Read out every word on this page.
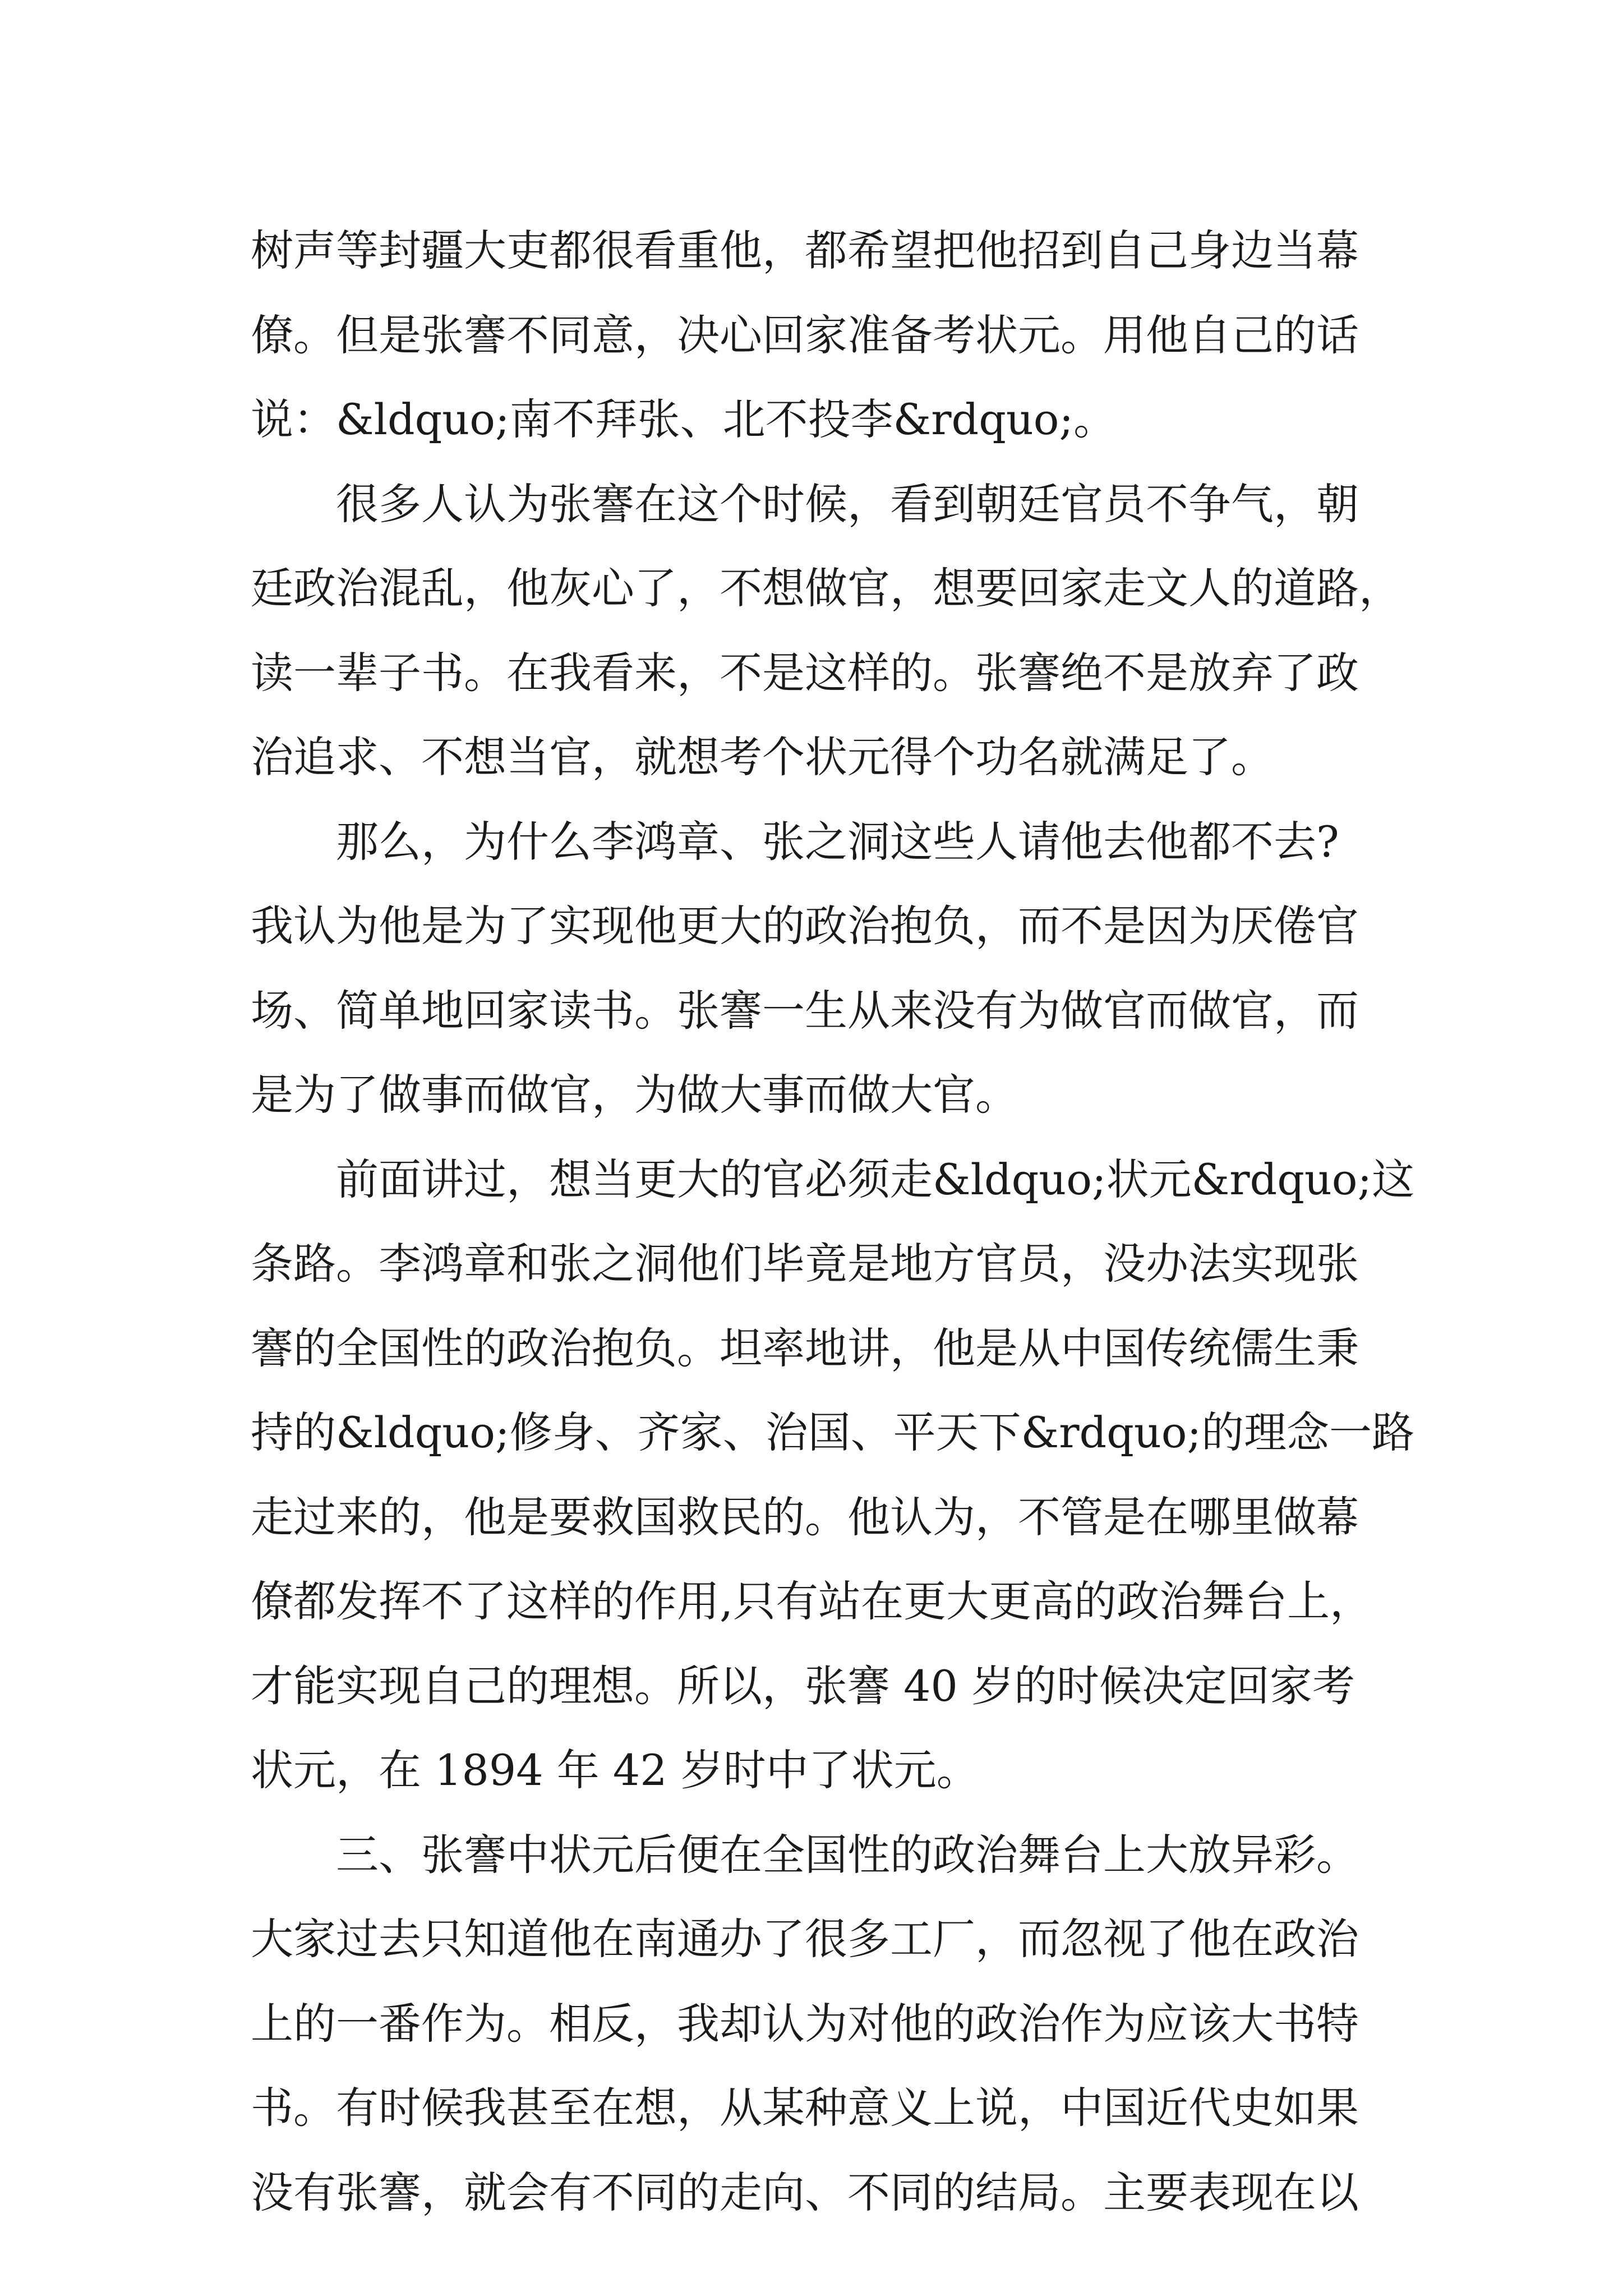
树声等封疆大吏都很看重他，都希望把他招到自己身边当幕

僚。但是张謇不同意，决心回家准备考状元。用他自己的话

说：&ldquo;南不拜张、北不投李&rdquo;。

　　很多人认为张謇在这个时候，看到朝廷官员不争气，朝

廷政治混乱，他灰心了，不想做官，想要回家走文人的道路，

读一辈子书。在我看来，不是这样的。张謇绝不是放弃了政

治追求、不想当官，就想考个状元得个功名就满足了。

　　那么，为什么李鸿章、张之洞这些人请他去他都不去?

我认为他是为了实现他更大的政治抱负，而不是因为厌倦官

场、简单地回家读书。张謇一生从来没有为做官而做官，而

是为了做事而做官，为做大事而做大官。

　　前面讲过，想当更大的官必须走&ldquo;状元&rdquo;这

条路。李鸿章和张之洞他们毕竟是地方官员，没办法实现张

謇的全国性的政治抱负。坦率地讲，他是从中国传统儒生秉

持的&ldquo;修身、齐家、治国、平天下&rdquo;的理念一路

走过来的，他是要救国救民的。他认为，不管是在哪里做幕

僚都发挥不了这样的作用,只有站在更大更高的政治舞台上，

才能实现自己的理想。所以，张謇 40 岁的时候决定回家考

状元，在 1894 年 42 岁时中了状元。

　　三、张謇中状元后便在全国性的政治舞台上大放异彩。

大家过去只知道他在南通办了很多工厂，而忽视了他在政治

上的一番作为。相反，我却认为对他的政治作为应该大书特

书。有时候我甚至在想，从某种意义上说，中国近代史如果

没有张謇，就会有不同的走向、不同的结局。主要表现在以
